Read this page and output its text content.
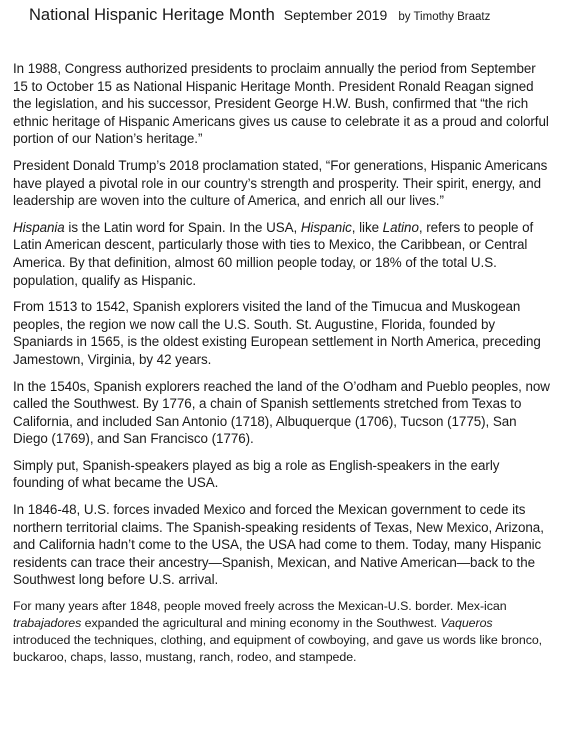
National Hispanic Heritage Month September 2019 by Timothy Braatz

In 1988, Congress authorized presidents to proclaim annually the period from September 15 to October 15 as National Hispanic Heritage Month. President Ronald Reagan signed the legislation, and his successor, President George H.W. Bush, confirmed that “the rich ethnic heritage of Hispanic Americans gives us cause to celebrate it as a proud and colorful portion of our Nation’s heritage.”

President Donald Trump’s 2018 proclamation stated, “For generations, Hispanic Americans have played a pivotal role in our country’s strength and prosperity. Their spirit, energy, and leadership are woven into the culture of America, and enrich all our lives.”

Hispania is the Latin word for Spain. In the USA, Hispanic, like Latino, refers to people of Latin American descent, particularly those with ties to Mexico, the Caribbean, or Central America. By that definition, almost 60 million people today, or 18% of the total U.S. population, qualify as Hispanic.

From 1513 to 1542, Spanish explorers visited the land of the Timucua and Muskogean peoples, the region we now call the U.S. South. St. Augustine, Florida, founded by Spaniards in 1565, is the oldest existing European settlement in North America, preceding Jamestown, Virginia, by 42 years.

In the 1540s, Spanish explorers reached the land of the O’odham and Pueblo peoples, now called the Southwest. By 1776, a chain of Spanish settlements stretched from Texas to California, and included San Antonio (1718), Albuquerque (1706), Tucson (1775), San Diego (1769), and San Francisco (1776).

Simply put, Spanish-speakers played as big a role as English-speakers in the early founding of what became the USA.

In 1846-48, U.S. forces invaded Mexico and forced the Mexican government to cede its northern territorial claims. The Spanish-speaking residents of Texas, New Mexico, Arizona, and California hadn’t come to the USA, the USA had come to them. Today, many Hispanic residents can trace their ancestry—Spanish, Mexican, and Native American—back to the Southwest long before U.S. arrival.

For many years after 1848, people moved freely across the Mexican-U.S. border. Mex-ican trabajadores expanded the agricultural and mining economy in the Southwest. Vaqueros introduced the techniques, clothing, and equipment of cowboying, and gave us words like bronco, buckaroo, chaps, lasso, mustang, ranch, rodeo, and stampede.
